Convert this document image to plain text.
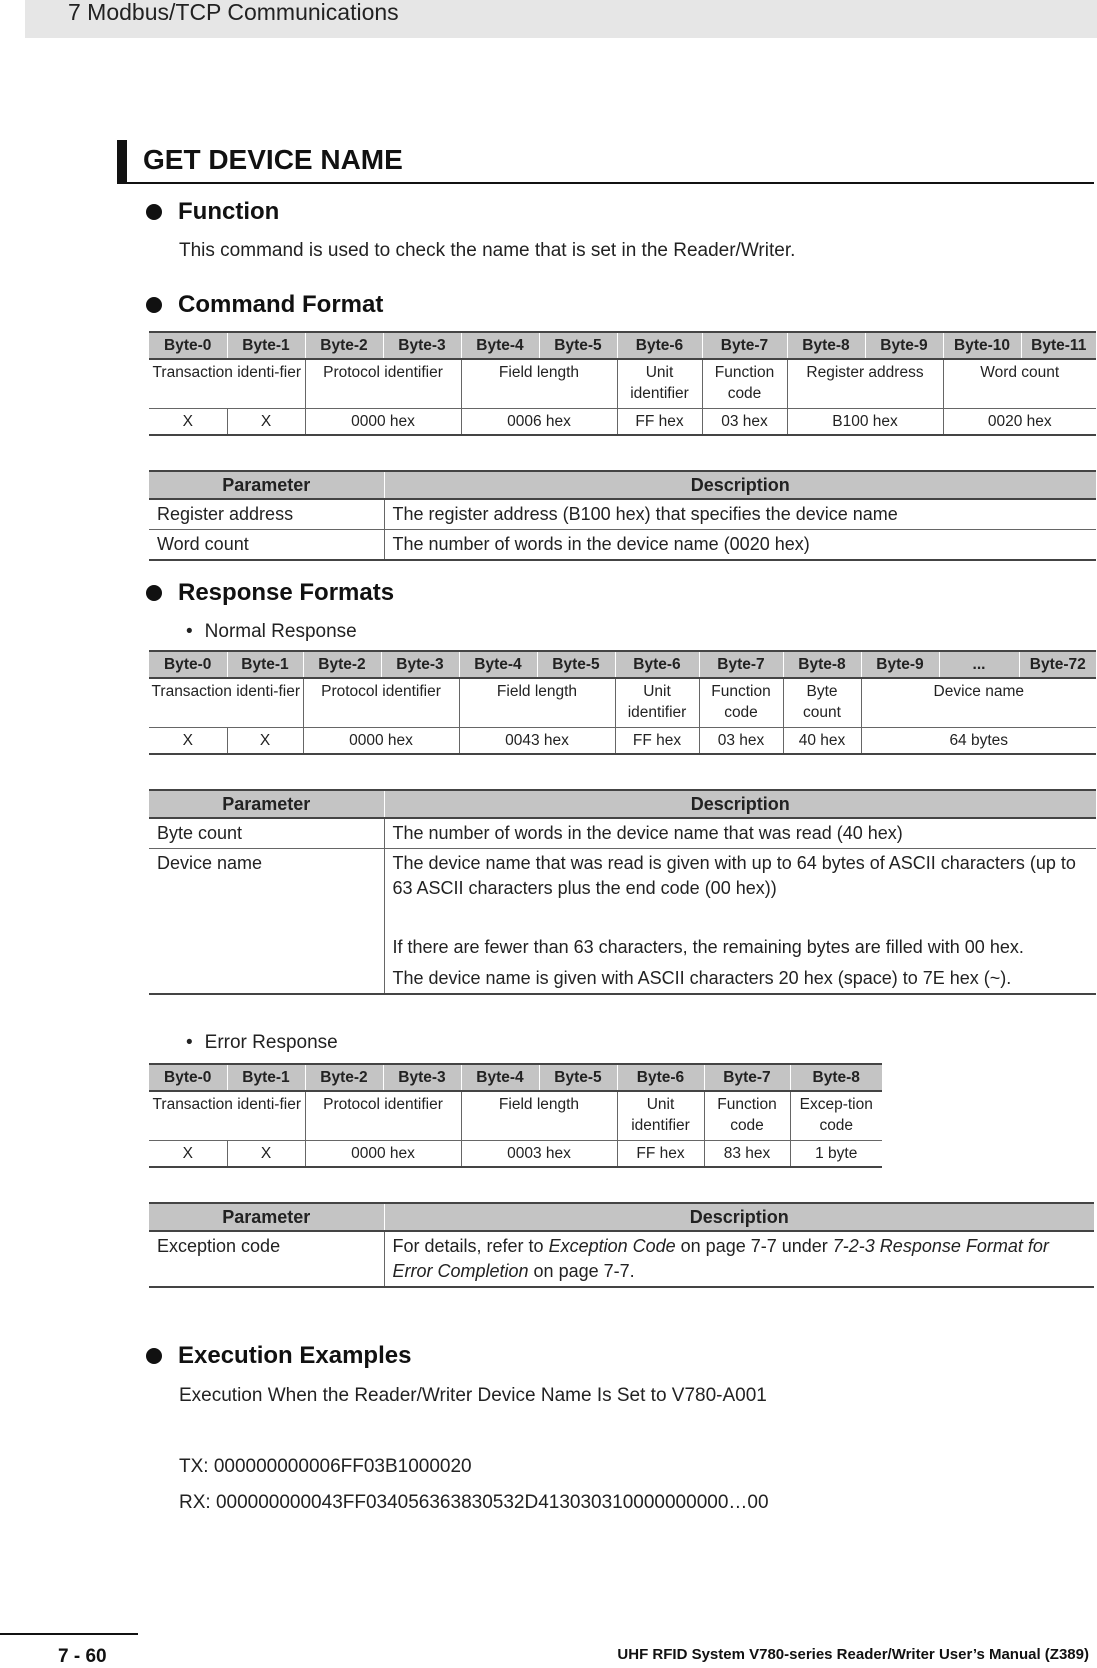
7 Modbus/TCP Communications
GET DEVICE NAME
Function
This command is used to check the name that is set in the Reader/Writer.
Command Format
Byte-0	Byte-1	Byte-2	Byte-3	Byte-4	Byte-5	Byte-6	Byte-7	Byte-8	Byte-9	Byte-10	Byte-11
Transaction identi-fier		Protocol identifier		Field length		Unit identifier	Function code	Register address		Word count	
X	X	0000 hex		0006 hex		FF hex	03 hex	B100 hex		0020 hex	
Parameter	Description
Register address	The register address (B100 hex) that specifies the device name
Word count	The number of words in the device name (0020 hex)
Response Formats
• Normal Response
Byte-0	Byte-1	Byte-2	Byte-3	Byte-4	Byte-5	Byte-6	Byte-7	Byte-8	Byte-9	...	Byte-72
Transaction identi-fier		Protocol identifier		Field length		Unit identifier	Function code	Byte count	Device name		
X	X	0000 hex		0043 hex		FF hex	03 hex	40 hex	64 bytes		
Parameter	Description
Byte count	The number of words in the device name that was read (40 hex)
Device name	The device name that was read is given with up to 64 bytes of ASCII characters (up to 63 ASCII characters plus the end code (00 hex))

If there are fewer than 63 characters, the remaining bytes are filled with 00 hex.

The device name is given with ASCII characters 20 hex (space) to 7E hex (~).

• Error Response
Byte-0	Byte-1	Byte-2	Byte-3	Byte-4	Byte-5	Byte-6	Byte-7	Byte-8
Transaction identi-fier		Protocol identifier		Field length		Unit identifier	Function code	Excep-tion code
X	X	0000 hex		0003 hex		FF hex	83 hex	1 byte
Parameter	Description
Exception code	For details, refer to Exception Code on page 7-7 under 7-2-3 Response Format for Error Completion on page 7-7.
Execution Examples
Execution When the Reader/Writer Device Name Is Set to V780-A001
TX: 000000000006FF03B1000020
RX: 000000000043FF034056363830532D413030310000000000…00
7 - 60	UHF RFID System V780-series Reader/Writer User’s Manual (Z389)
